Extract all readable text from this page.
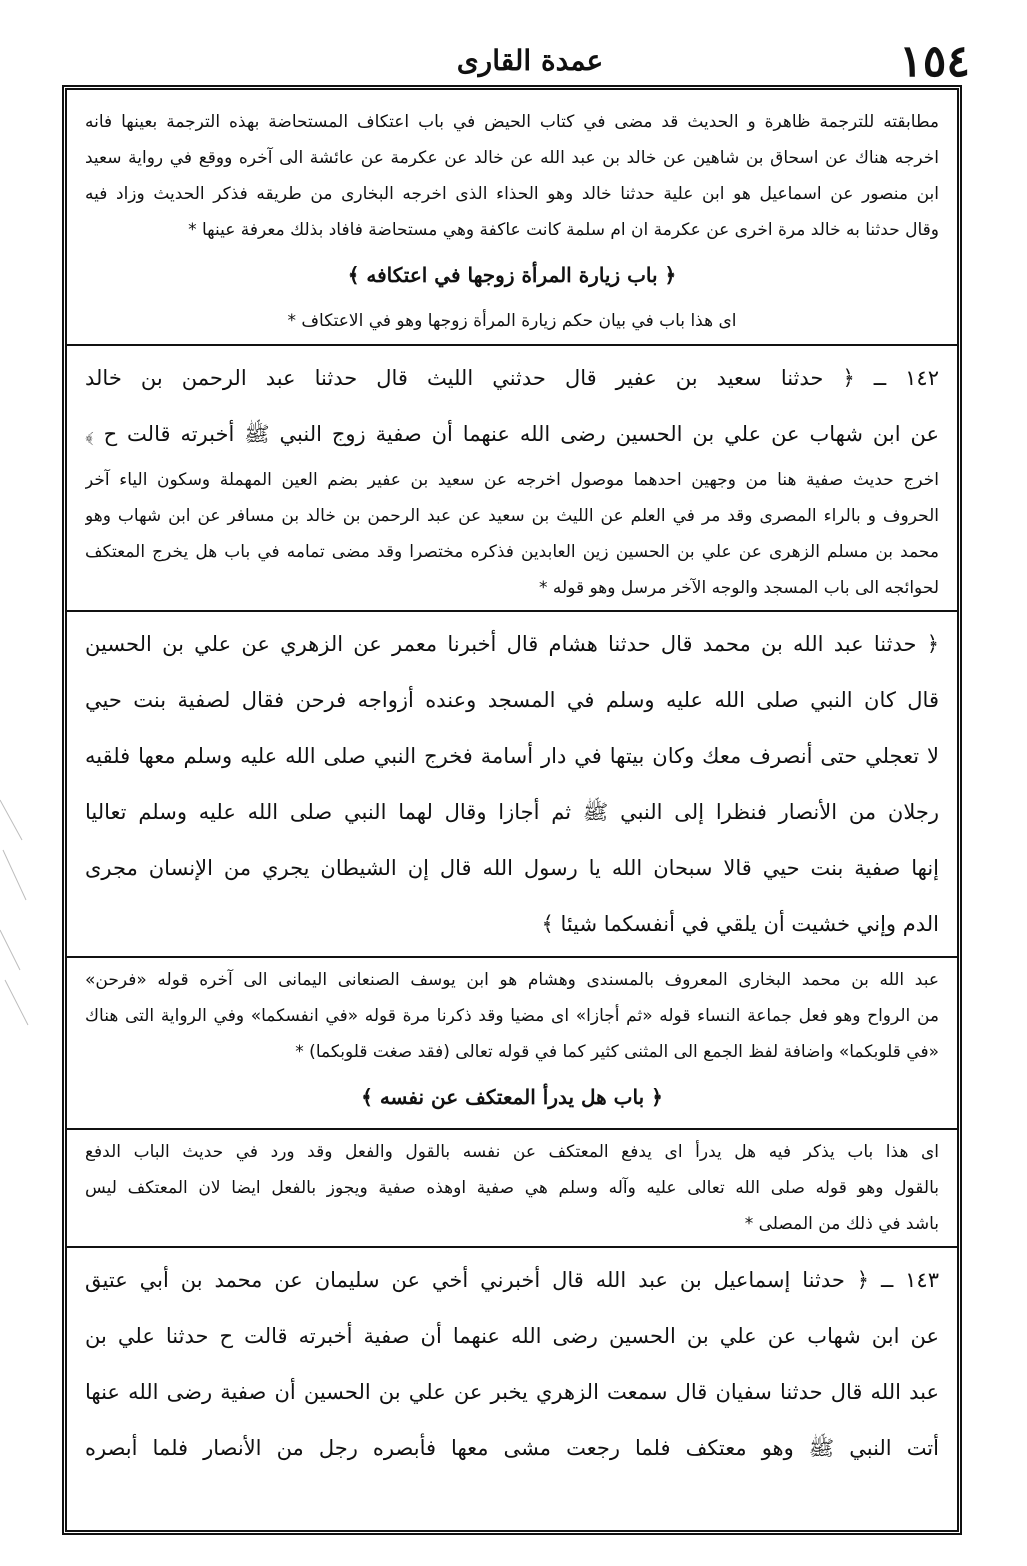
١٥٤
عمدة القارى
مطابقته للترجمة ظاهرة و الحديث قد مضى في كتاب الحيض في باب اعتكاف المستحاضة بهذه الترجمة بعينها فانه
اخرجه هناك عن اسحاق بن شاهين عن خالد بن عبد الله عن خالد عن عكرمة عن عائشة الى آخره ووقع في رواية سعيد
ابن منصور عن اسماعيل هو ابن علية حدثنا خالد وهو الحذاء الذى اخرجه البخارى من طريقه فذكر الحديث وزاد فيه
وقال حدثنا به خالد مرة اخرى عن عكرمة ان ام سلمة كانت عاكفة وهي مستحاضة فافاد بذلك معرفة عينها *
﴿ باب زيارة المرأة زوجها في اعتكافه ﴾
اى هذا باب في بيان حكم زيارة المرأة زوجها وهو في الاعتكاف *
١٤٢ ــ ﴿ حدثنا سعيد بن عفير قال حدثني الليث قال حدثنا عبد الرحمن بن خالد
عن ابن شهاب عن علي بن الحسين رضى الله عنهما أن صفية زوج النبي ﷺ أخبرته قالت ح ﴾
اخرج حديث صفية هنا من وجهين احدهما موصول اخرجه عن سعيد بن عفير بضم العين المهملة وسكون الياء آخر
الحروف و بالراء المصرى وقد مر في العلم عن الليث بن سعيد عن عبد الرحمن بن خالد بن مسافر عن ابن شهاب وهو
محمد بن مسلم الزهرى عن علي بن الحسين زين العابدين فذكره مختصرا وقد مضى تمامه في باب هل يخرج المعتكف
لحوائجه الى باب المسجد والوجه الآخر مرسل وهو قوله *
﴿ حدثنا عبد الله بن محمد قال حدثنا هشام قال أخبرنا معمر عن الزهري عن علي بن الحسين
قال كان النبي صلى الله عليه وسلم في المسجد وعنده أزواجه فرحن فقال لصفية بنت حيي
لا تعجلي حتى أنصرف معك وكان بيتها في دار أسامة فخرج النبي صلى الله عليه وسلم معها فلقيه
رجلان من الأنصار فنظرا إلى النبي ﷺ ثم أجازا وقال لهما النبي صلى الله عليه وسلم تعاليا
إنها صفية بنت حيي قالا سبحان الله يا رسول الله قال إن الشيطان يجري من الإنسان مجرى
الدم وإني خشيت أن يلقي في أنفسكما شيئا ﴾
عبد الله بن محمد البخارى المعروف بالمسندى وهشام هو ابن يوسف الصنعانى اليمانى الى آخره قوله «فرحن»
من الرواح وهو فعل جماعة النساء قوله «ثم أجازا» اى مضيا وقد ذكرنا مرة قوله «في انفسكما» وفي الرواية التى هناك
«في قلوبكما» واضافة لفظ الجمع الى المثنى كثير كما في قوله تعالى (فقد صغت قلوبكما) *
﴿ باب هل يدرأ المعتكف عن نفسه ﴾
اى هذا باب يذكر فيه هل يدرأ اى يدفع المعتكف عن نفسه بالقول والفعل وقد ورد في حديث الباب الدفع
بالقول وهو قوله صلى الله تعالى عليه وآله وسلم هي صفية اوهذه صفية ويجوز بالفعل ايضا لان المعتكف ليس
باشد في ذلك من المصلى *
١٤٣ ــ ﴿ حدثنا إسماعيل بن عبد الله قال أخبرني أخي عن سليمان عن محمد بن أبي عتيق
عن ابن شهاب عن علي بن الحسين رضى الله عنهما أن صفية أخبرته قالت ح حدثنا علي بن
عبد الله قال حدثنا سفيان قال سمعت الزهري يخبر عن علي بن الحسين أن صفية رضى الله عنها
أتت النبي ﷺ وهو معتكف فلما رجعت مشى معها فأبصره رجل من الأنصار فلما أبصره
